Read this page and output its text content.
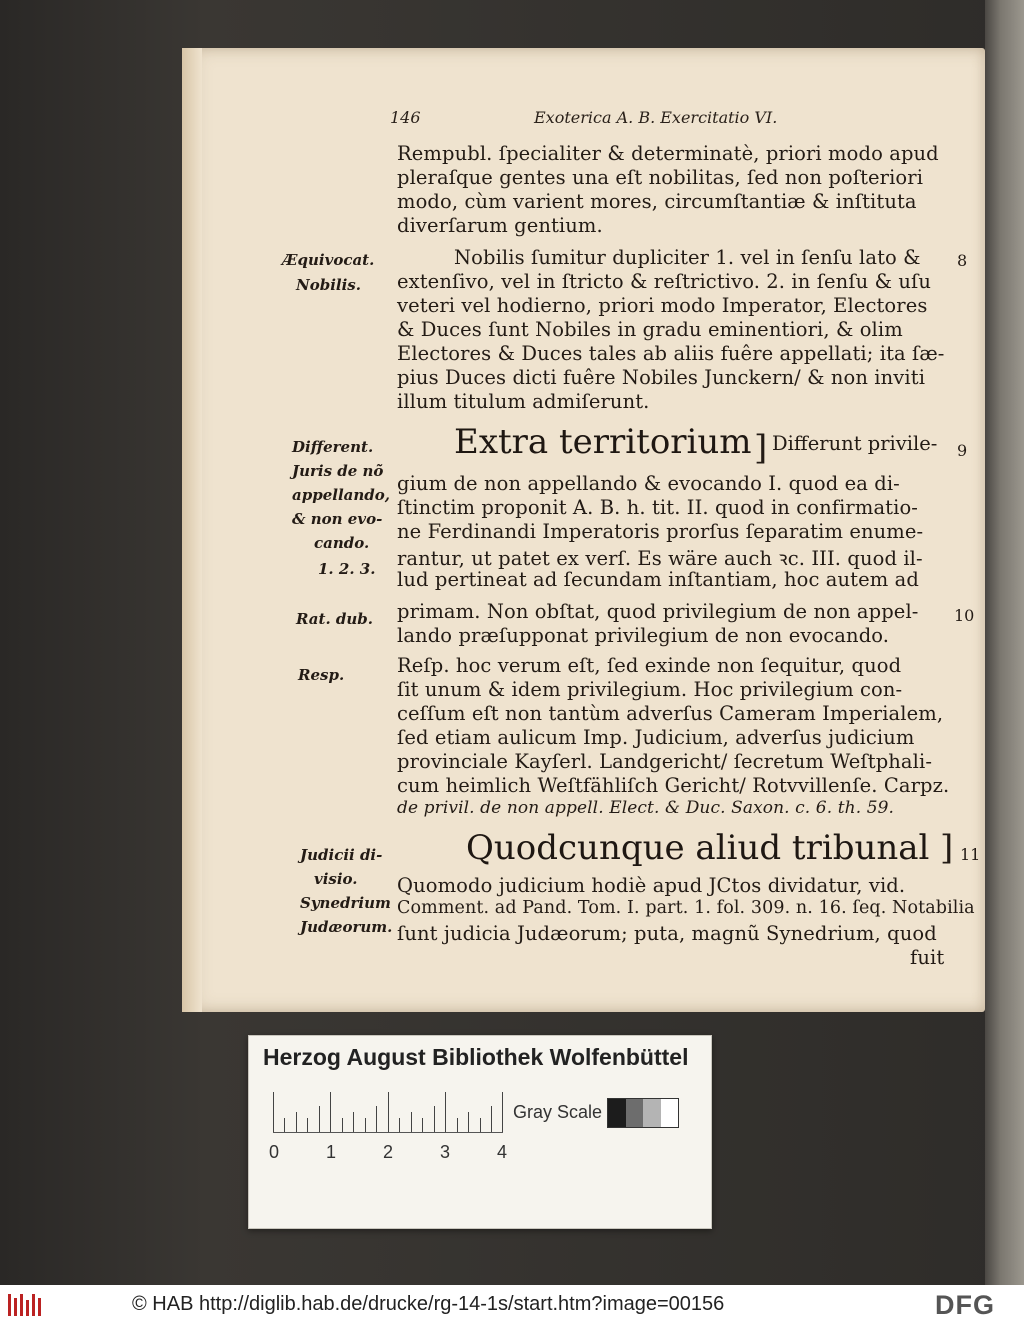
146	Exoterica A. B. Exercitatio VI.
Æquivocat.
Nobilis.
Different.
Juris de nõ
appellando,
& non evo-
cando.
1. 2. 3.
Rat. dub.
Resp.
Judicii di-
visio.
Synedrium
Judæorum.
8
9
10
11
Rempubl. ſpecialiter & determinatè, priori modo apud
pleraſque gentes una eſt nobilitas, ſed non poſteriori
modo, cùm varient mores, circumſtantiæ & inſtituta
diverſarum gentium.
Nobilis ſumitur dupliciter 1. vel in ſenſu lato &
extenſivo, vel in ſtricto & reſtrictivo. 2. in ſenſu & uſu
veteri vel hodierno, priori modo Imperator, Electores
& Duces ſunt Nobiles in gradu eminentiori, & olim
Electores & Duces tales ab aliis fuêre appellati; ita ſæ-
pius Duces dicti fuêre Nobiles Junckern/ & non inviti
illum titulum admiſerunt.
Extra territorium ] Differunt privile-
gium de non appellando & evocando I. quod ea di-
ſtinctim proponit A. B. h. tit. II. quod in confirmatio-
ne Ferdinandi Imperatoris prorſus ſeparatim enume-
rantur, ut patet ex verſ. Es wäre auch ꝛc. III. quod il-
lud pertineat ad ſecundam inſtantiam, hoc autem ad
primam. Non obſtat, quod privilegium de non appel-
lando præſupponat privilegium de non evocando.
Reſp. hoc verum eſt, ſed exinde non ſequitur, quod
ſit unum & idem privilegium. Hoc privilegium con-
ceſſum eſt non tantùm adverſus Cameram Imperialem,
ſed etiam aulicum Imp. Judicium, adverſus judicium
provinciale Kayſerl. Landgericht/ ſecretum Weſtphali-
cum heimlich Weſtfähliſch Gericht/ Rotvvillenſe. Carpz.
de privil. de non appell. Elect. & Duc. Saxon. c. 6. th. 59.
Quodcunque aliud tribunal ]
Quomodo judicium hodiè apud JCtos dividatur, vid.
Comment. ad Pand. Tom. I. part. 1. fol. 309. n. 16. ſeq. Notabilia
ſunt judicia Judæorum; puta, magnũ Synedrium, quod
fuit
Herzog August Bibliothek Wolfenbüttel
0	1	2	3	4
Gray Scale
© HAB http://diglib.hab.de/drucke/rg-14-1s/start.htm?image=00156	DFG
